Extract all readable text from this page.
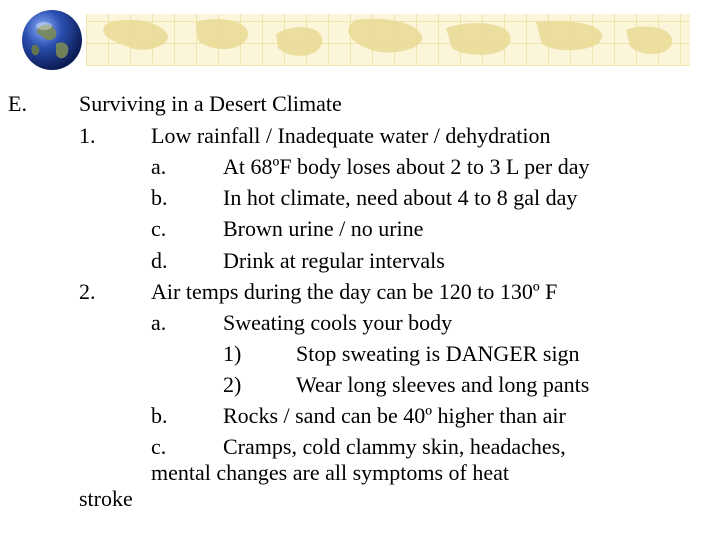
E. Surviving in a Desert Climate
1.	Low rainfall / Inadequate water / dehydration
a.	At 68ºF body loses about 2 to 3 L per day
b.	In hot climate, need about 4 to 8 gal day
c.	Brown urine / no urine
d.	Drink at regular intervals
2.	Air temps during the day can be 120 to 130º F
a.	Sweating cools your body
1) Stop sweating is DANGER sign
2) Wear long sleeves and long pants
b.	Rocks / sand can be 40º higher than air
c.	Cramps, cold clammy skin, headaches,
mental changes are all symptoms of heat
stroke
